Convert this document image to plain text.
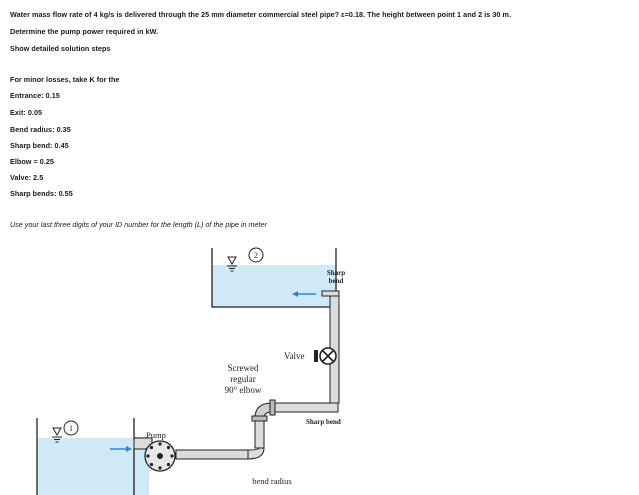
Water mass flow rate of 4 kg/s is delivered through the 25 mm diameter commercial steel pipe? ε=0.18. The height between point 1 and 2 is 30 m.
Determine the pump power required in kW.
Show detailed solution steps
For minor losses, take K for the
Entrance: 0.15
Exit: 0.05
Bend radius: 0.35
Sharp bend: 0.45
Elbow = 0.25
Valve: 2.5
Sharp bends: 0.55
Use your last three digits of your ID number for the length (L) of the pipe in meter
2
1
Sharp
bend
Valve
Screwed
regular
90° elbow
Sharp bend
Pump
bend radius
